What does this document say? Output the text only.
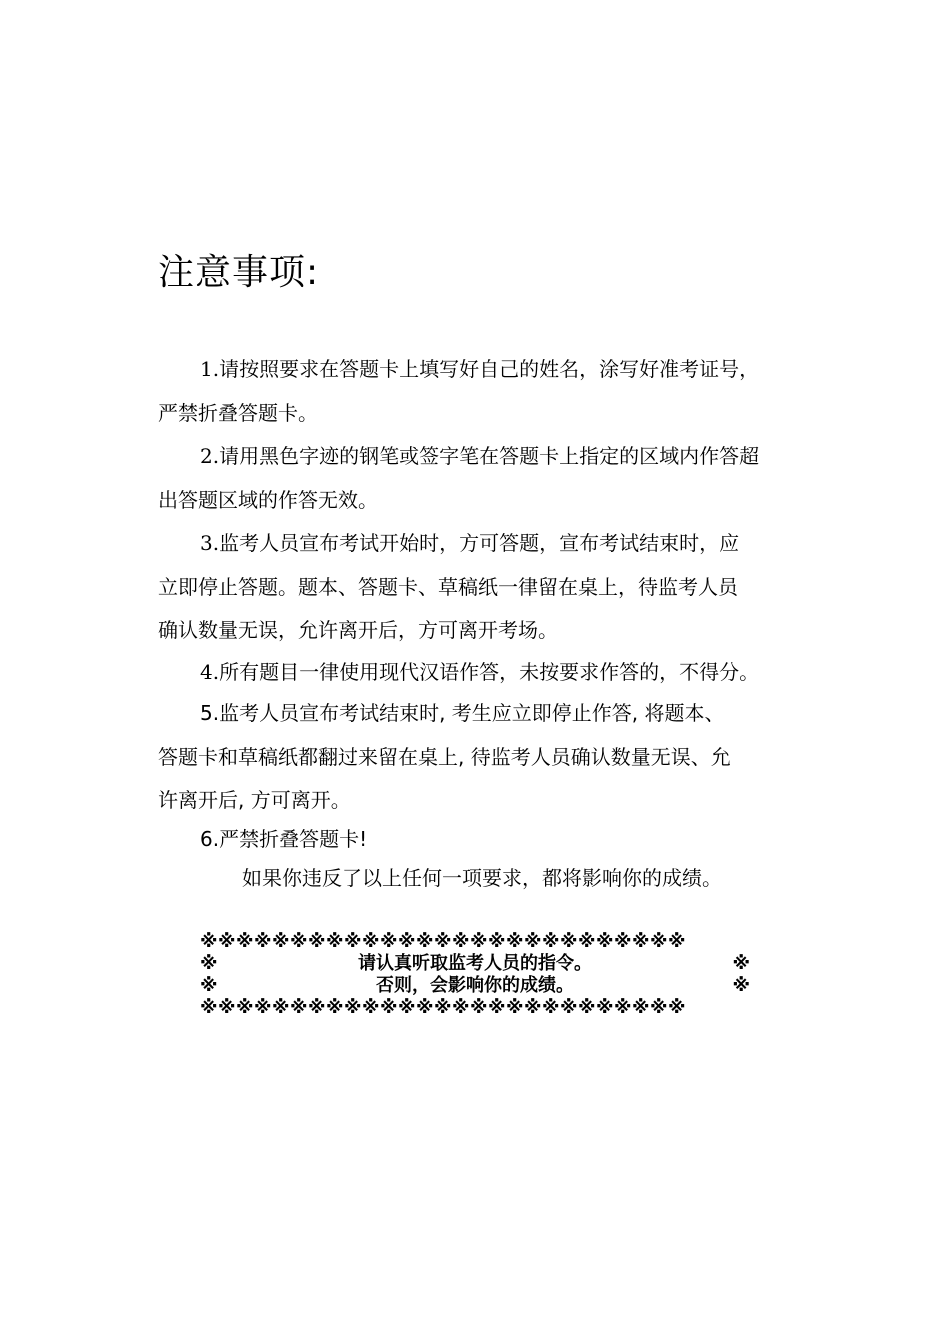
注意事项:
1.请按照要求在答题卡上填写好自己的姓名，涂写好准考证号，
严禁折叠答题卡。
2.请用黑色字迹的钢笔或签字笔在答题卡上指定的区域内作答超
出答题区域的作答无效。
3.监考人员宣布考试开始时，方可答题，宣布考试结束时，应
立即停止答题。题本、答题卡、草稿纸一律留在桌上，待监考人员
确认数量无误，允许离开后，方可离开考场。
4.所有题目一律使用现代汉语作答，未按要求作答的，不得分。
5.监考人员宣布考试结束时, 考生应立即停止作答, 将题本、
答题卡和草稿纸都翻过来留在桌上, 待监考人员确认数量无误、允
许离开后, 方可离开。
6.严禁折叠答题卡!
如果你违反了以上任何一项要求，都将影响你的成绩。
※※※※※※※※※※※※※※※※※※※※※※※※※※※
※	请认真听取监考人员的指令。	※
※	否则，会影响你的成绩。	※
※※※※※※※※※※※※※※※※※※※※※※※※※※※
